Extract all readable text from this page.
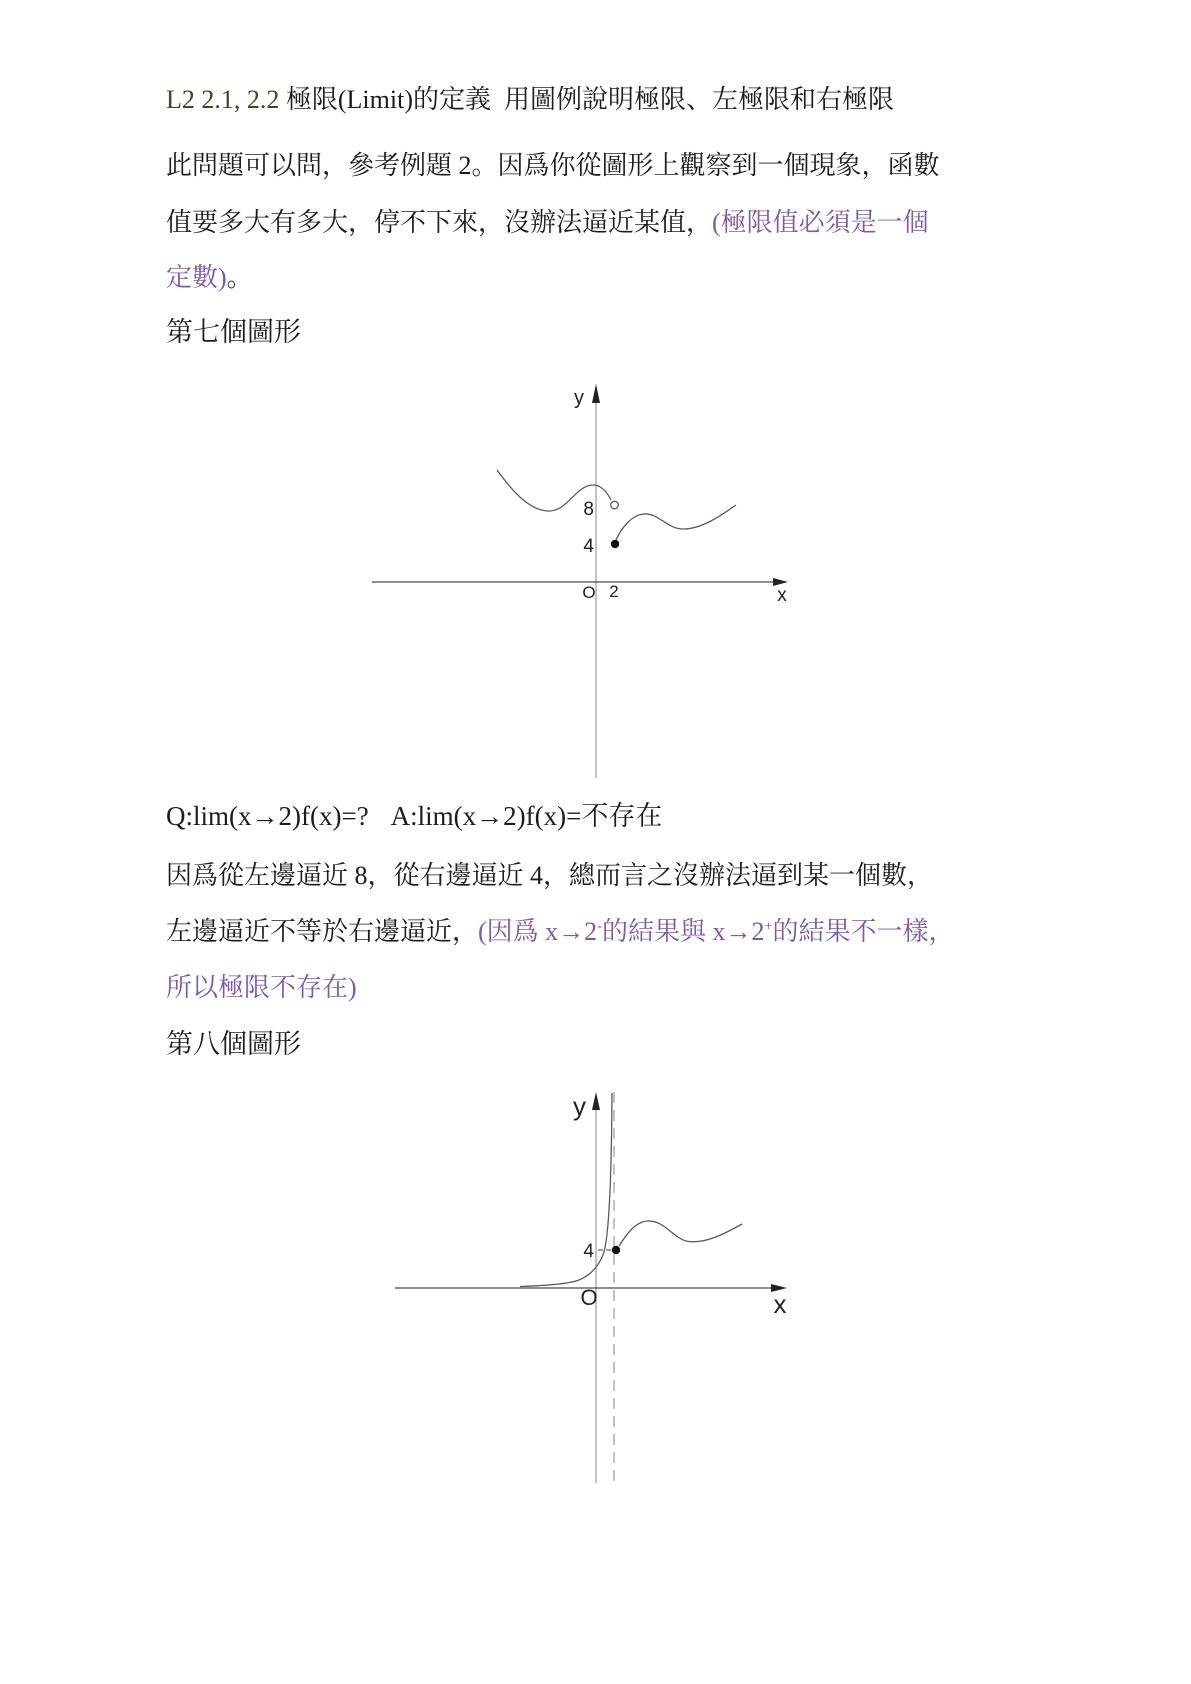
L2 2.1, 2.2 極限(Limit)的定義  用圖例說明極限、左極限和右極限
此問題可以問，參考例題 2。因爲你從圖形上觀察到一個現象，函數
值要多大有多大，停不下來，沒辦法逼近某值，(極限值必須是一個
定數)。
第七個圖形
y
x
O 2
8
4
Q:lim(x→2)f(x)=? A:lim(x→2)f(x)=不存在
因爲從左邊逼近 8，從右邊逼近 4，總而言之沒辦法逼到某一個數，
左邊逼近不等於右邊逼近，(因爲 x→2-的結果與 x→2+的結果不一樣，
所以極限不存在)
第八個圖形
y
x
O
4
